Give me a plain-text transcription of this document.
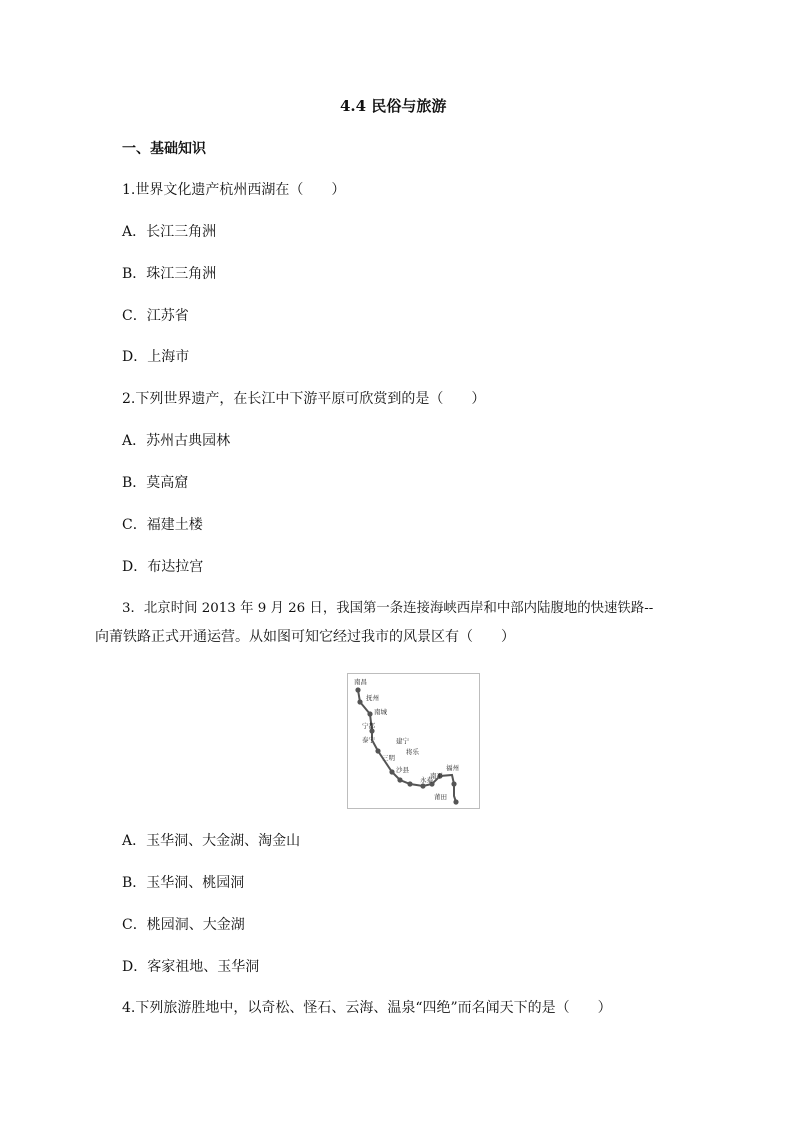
4.4 民俗与旅游
一、基础知识
1.世界文化遗产杭州西湖在（　　）
A．长江三角洲
B．珠江三角洲
C．江苏省
D．上海市
2.下列世界遗产，在长江中下游平原可欣赏到的是（　　）
A．苏州古典园林
B．莫高窟
C．福建土楼
D．布达拉宫
3．北京时间 2013 年 9 月 26 日，我国第一条连接海峡西岸和中部内陆腹地的快速铁路--
向莆铁路正式开通运营。从如图可知它经过我市的风景区有（　　）
南昌
抚州
南城
宁都
泰宁	建宁
将乐
三明
沙县
永泰
福州
南平
莆田
A．玉华洞、大金湖、淘金山
B．玉华洞、桃园洞
C．桃园洞、大金湖
D．客家祖地、玉华洞
4.下列旅游胜地中，以奇松、怪石、云海、温泉“四绝”而名闻天下的是（　　）
